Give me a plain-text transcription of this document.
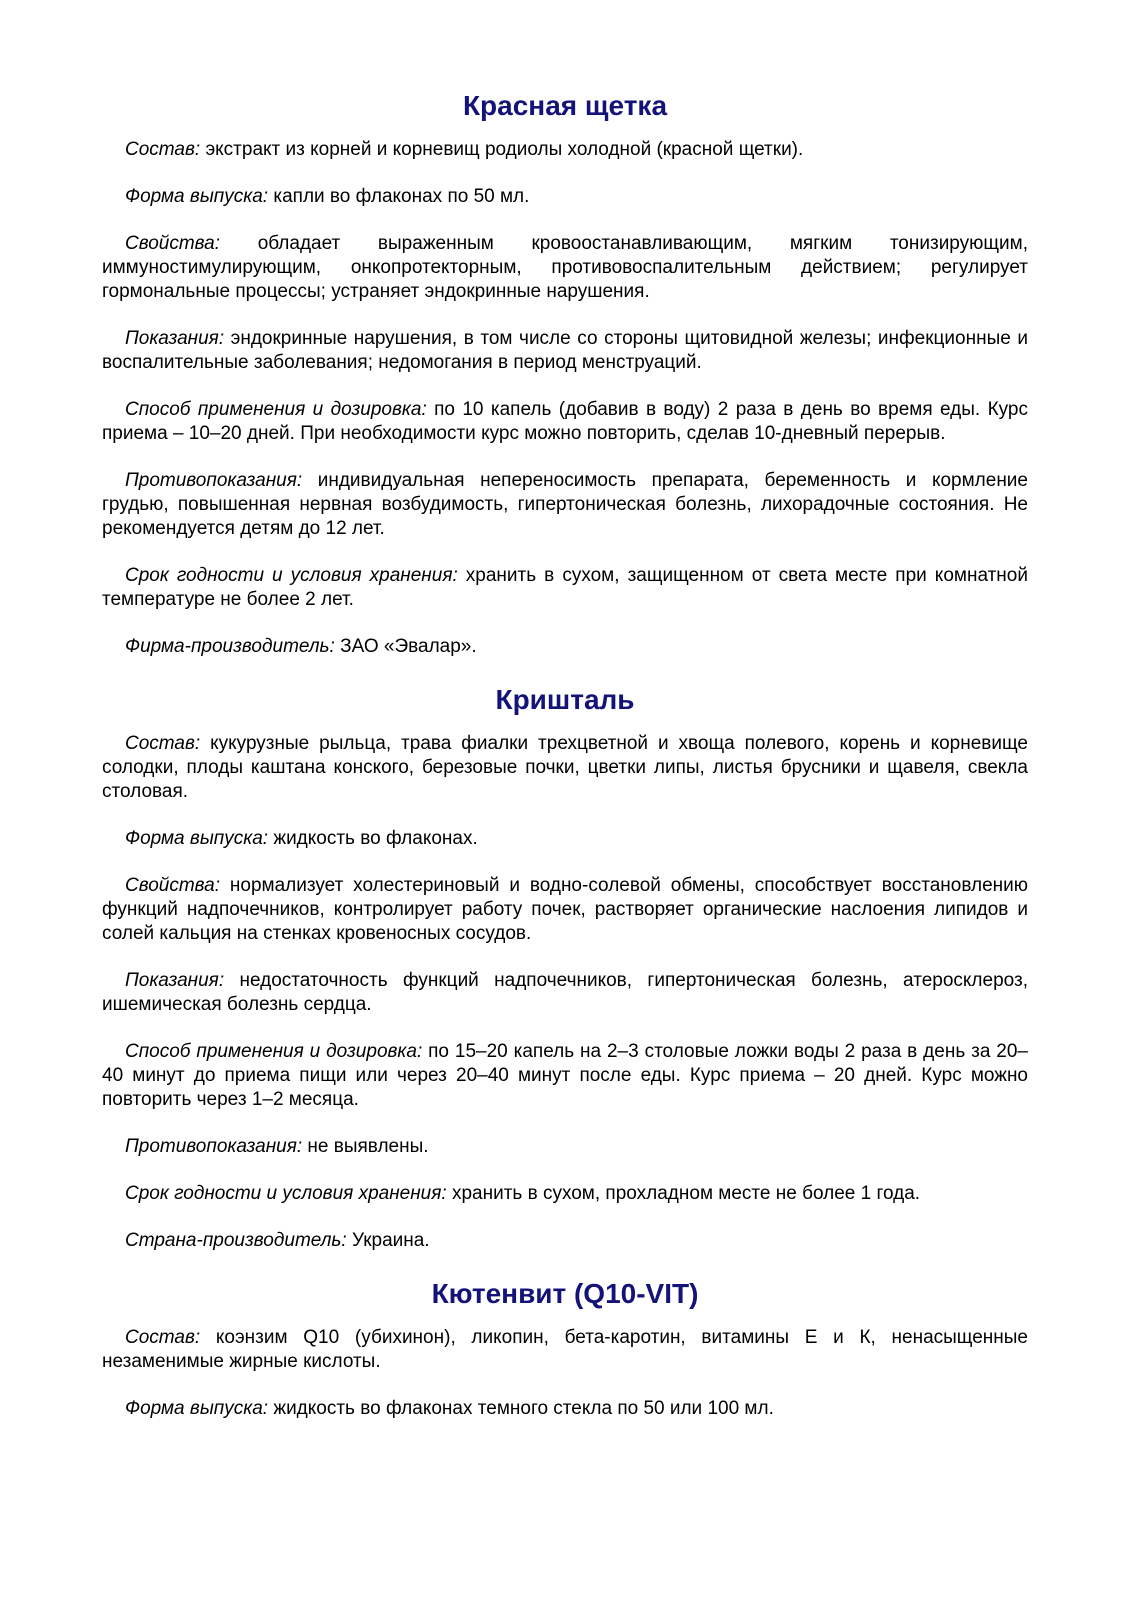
Красная щетка

Состав: экстракт из корней и корневищ родиолы холодной (красной щетки).

Форма выпуска: капли во флаконах по 50 мл.

Свойства: обладает выраженным кровоостанавливающим, мягким тонизирующим, иммуностимулирующим, онкопротекторным, противовоспалительным действием; регулирует гормональные процессы; устраняет эндокринные нарушения.

Показания: эндокринные нарушения, в том числе со стороны щитовидной железы; инфекционные и воспалительные заболевания; недомогания в период менструаций.

Способ применения и дозировка: по 10 капель (добавив в воду) 2 раза в день во время еды. Курс приема – 10–20 дней. При необходимости курс можно повторить, сделав 10-дневный перерыв.

Противопоказания: индивидуальная непереносимость препарата, беременность и кормление грудью, повышенная нервная возбудимость, гипертоническая болезнь, лихорадочные состояния. Не рекомендуется детям до 12 лет.

Срок годности и условия хранения: хранить в сухом, защищенном от света месте при комнатной температуре не более 2 лет.

Фирма-производитель: ЗАО «Эвалар».

Кришталь

Состав: кукурузные рыльца, трава фиалки трехцветной и хвоща полевого, корень и корневище солодки, плоды каштана конского, березовые почки, цветки липы, листья брусники и щавеля, свекла столовая.

Форма выпуска: жидкость во флаконах.

Свойства: нормализует холестериновый и водно-солевой обмены, способствует восстановлению функций надпочечников, контролирует работу почек, растворяет органические наслоения липидов и солей кальция на стенках кровеносных сосудов.

Показания: недостаточность функций надпочечников, гипертоническая болезнь, атеросклероз, ишемическая болезнь сердца.

Способ применения и дозировка: по 15–20 капель на 2–3 столовые ложки воды 2 раза в день за 20–40 минут до приема пищи или через 20–40 минут после еды. Курс приема – 20 дней. Курс можно повторить через 1–2 месяца.

Противопоказания: не выявлены.

Срок годности и условия хранения: хранить в сухом, прохладном месте не более 1 года.

Страна-производитель: Украина.

Кютенвит (Q10-VIT)

Состав: коэнзим Q10 (убихинон), ликопин, бета-каротин, витамины Е и К, ненасыщенные незаменимые жирные кислоты.

Форма выпуска: жидкость во флаконах темного стекла по 50 или 100 мл.
